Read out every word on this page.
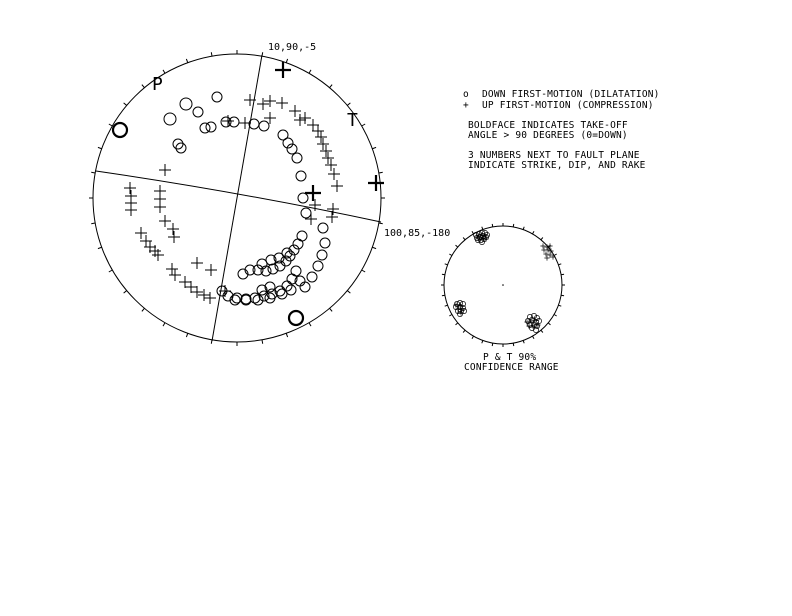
10,90,-5
100,85,-180
P
T
o DOWN FIRST-MOTION (DILATATION)
+ UP FIRST-MOTION (COMPRESSION)
BOLDFACE INDICATES TAKE-OFF
ANGLE > 90 DEGREES (0=DOWN)
3 NUMBERS NEXT TO FAULT PLANE
INDICATE STRIKE, DIP, AND RAKE
P & T 90%
CONFIDENCE RANGE
